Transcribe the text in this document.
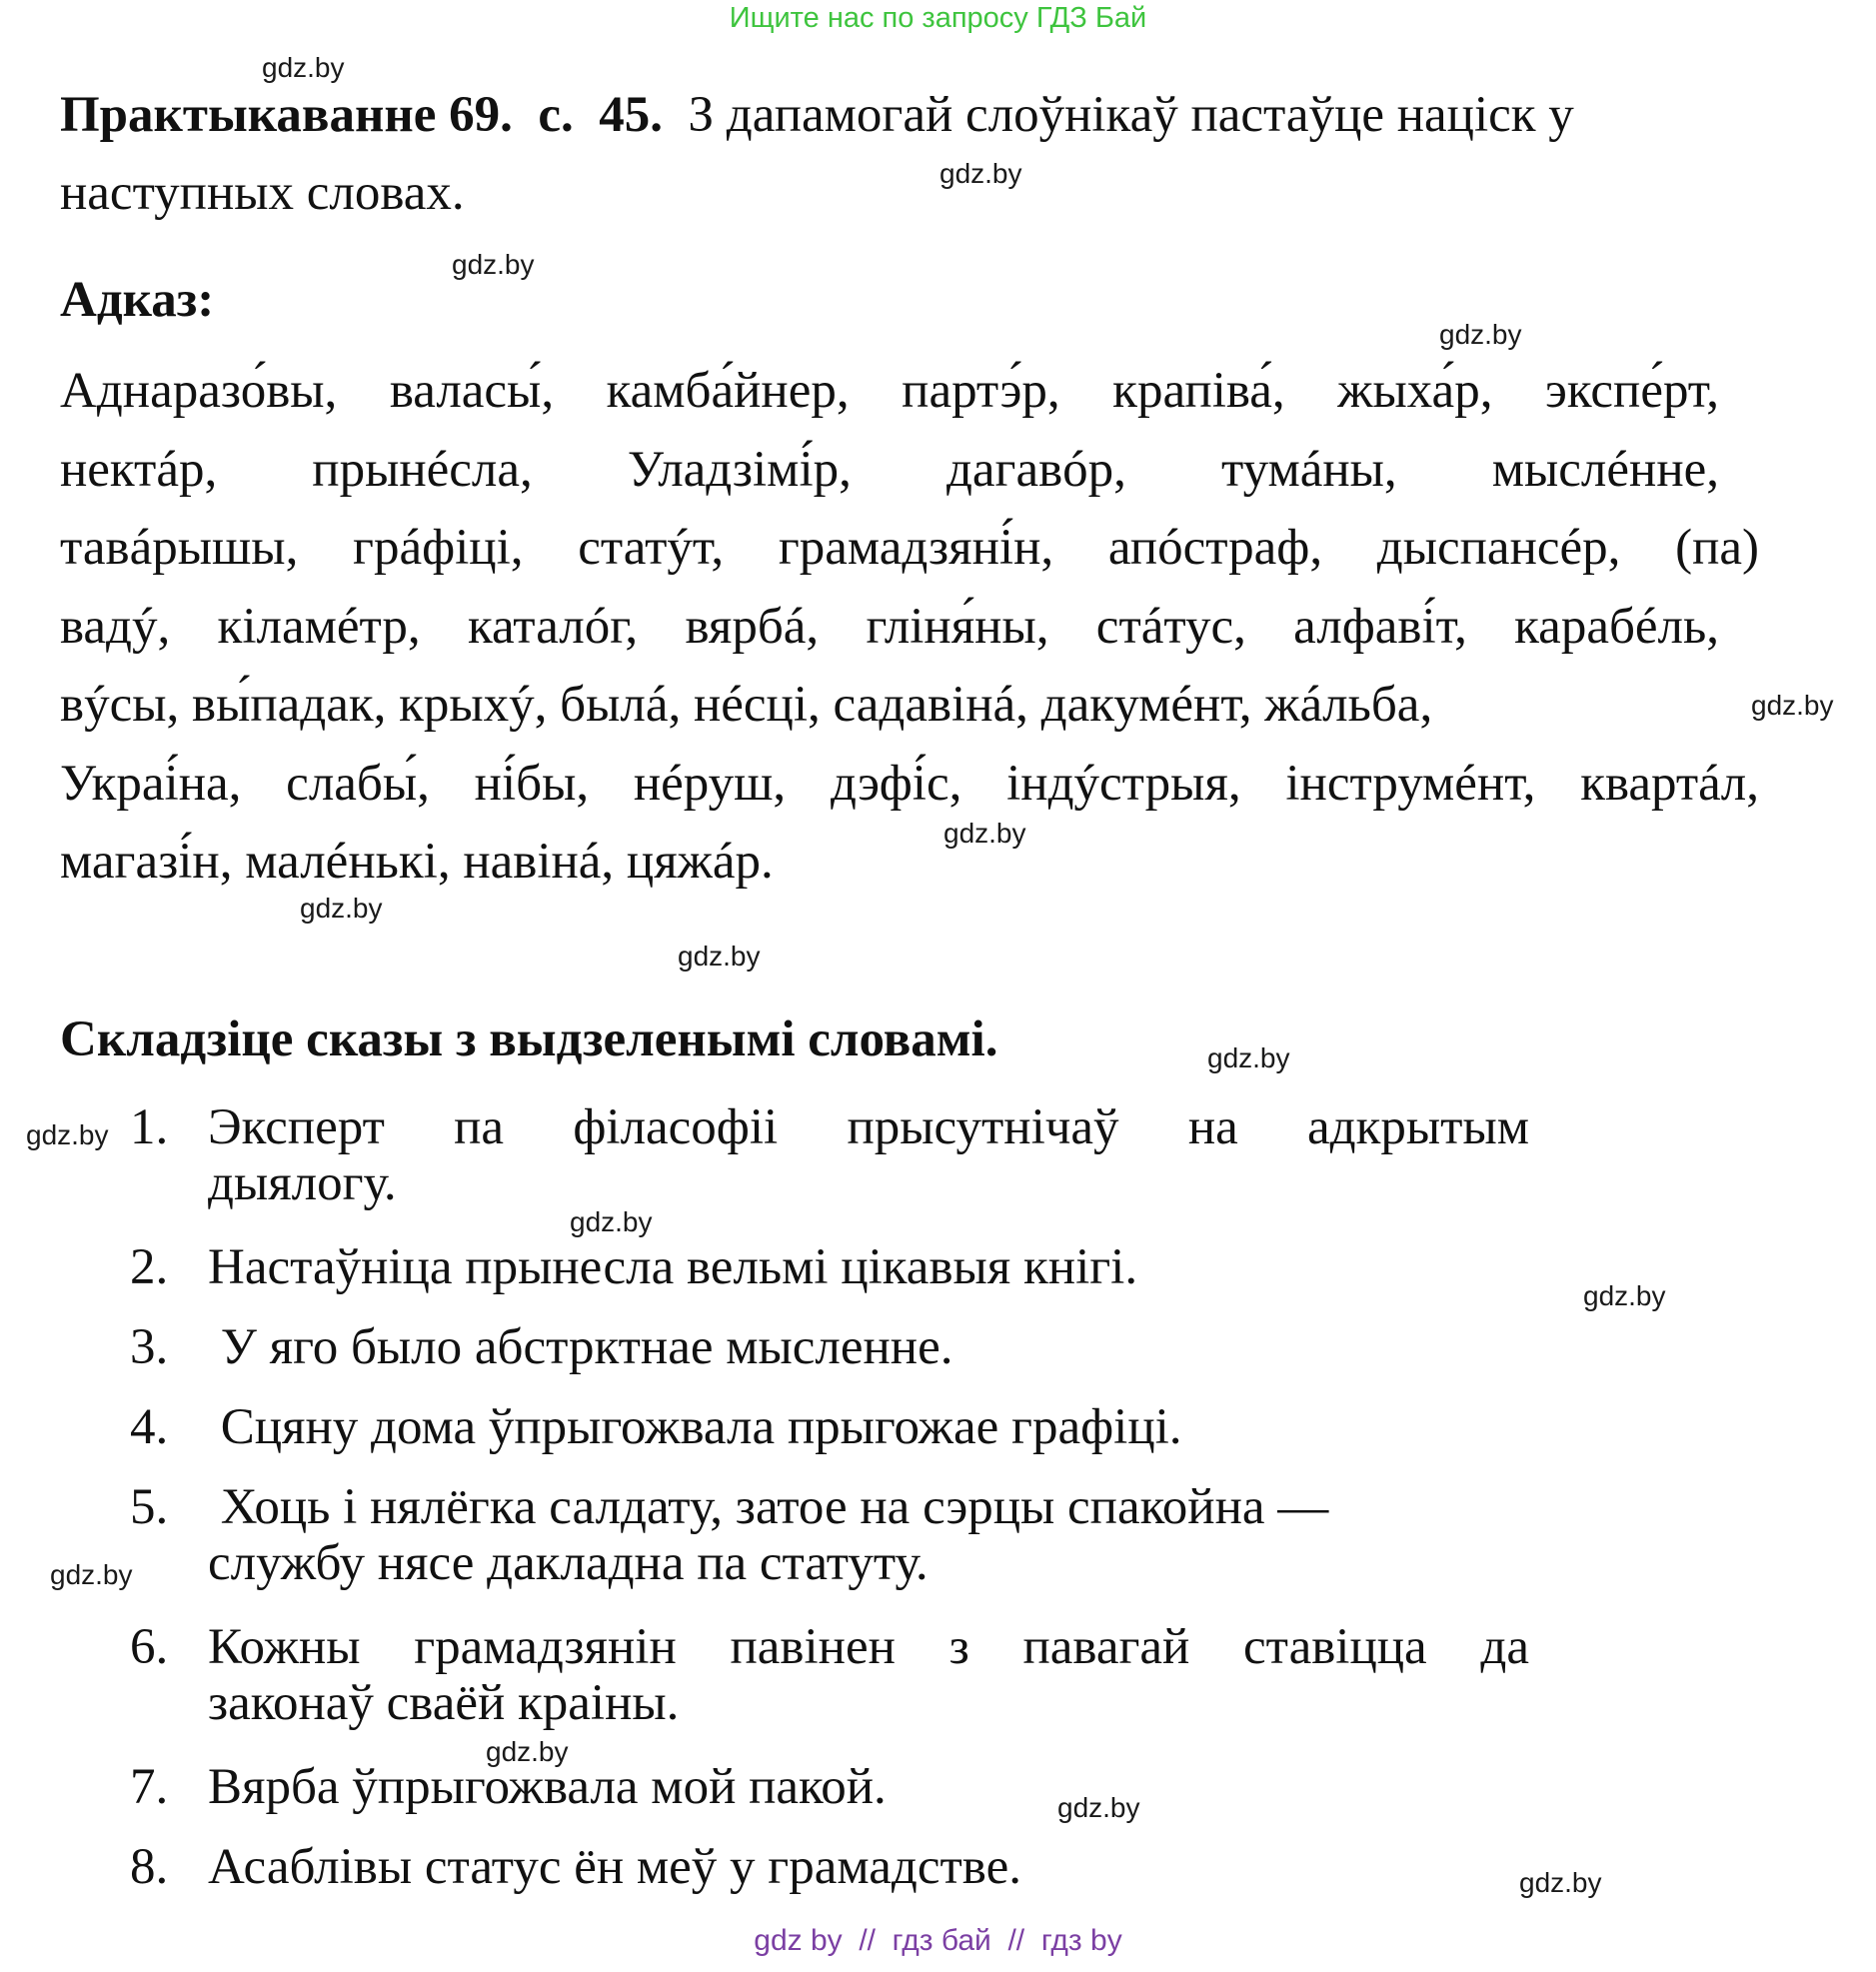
Ищите нас по запросу ГДЗ Бай
gdz.by
gdz.by
gdz.by
gdz.by
gdz.by
gdz.by
gdz.by
gdz.by
gdz.by
gdz.by
gdz.by
gdz.by
gdz.by
gdz.by
gdz.by
gdz.by
Практыкаванне 69. с. 45. З дапамогай слоўнікаў пастаўце націск у
наступных словах.
Адказ:
Аднаразо́вы, валасы́, камба́йнер, партэ́р, крапіва́, жыха́р, экспе́рт,
нектáр, прынéсла, Уладзімі́р, дагавóр, тумáны, мыслéнне,
тавáрышы, грáфіці, статýт, грамадзяні́н, апóстраф, дыспансéр, (па)
вадý, кіламéтр, каталóг, вярбá, гліня́ны, стáтус, алфаві́т, карабéль,
вýсы, вы́падак, крыхý, былá, нéсці, садавінá, дакумéнт, жáльба,
Украі́на, слабы́, ні́бы, нéруш, дэфі́с, індýстрыя, інструмéнт, квартáл,
магазі́н, малéнькі, навінá, цяжáр.
Складзіце сказы з выдзеленымі словамі.
1. Эксперт па філасофіі прысутнічаў на адкрытым
дыялогу.
2. Настаўніца прынесла вельмі цікавыя кнігі.
3. У яго было абстрктнае мысленне.
4. Сцяну дома ўпрыгожвала прыгожае графіці.
5. Хоць і нялёгка салдату, затое на сэрцы спакойна —
службу нясе дакладна па статуту.
6. Кожны грамадзянін павінен з павагай ставіцца да
законаў сваёй краіны.
7. Вярба ўпрыгожвала мой пакой.
8. Асаблівы статус ён меў у грамадстве.
gdz by  //  гдз бай  //  гдз by
